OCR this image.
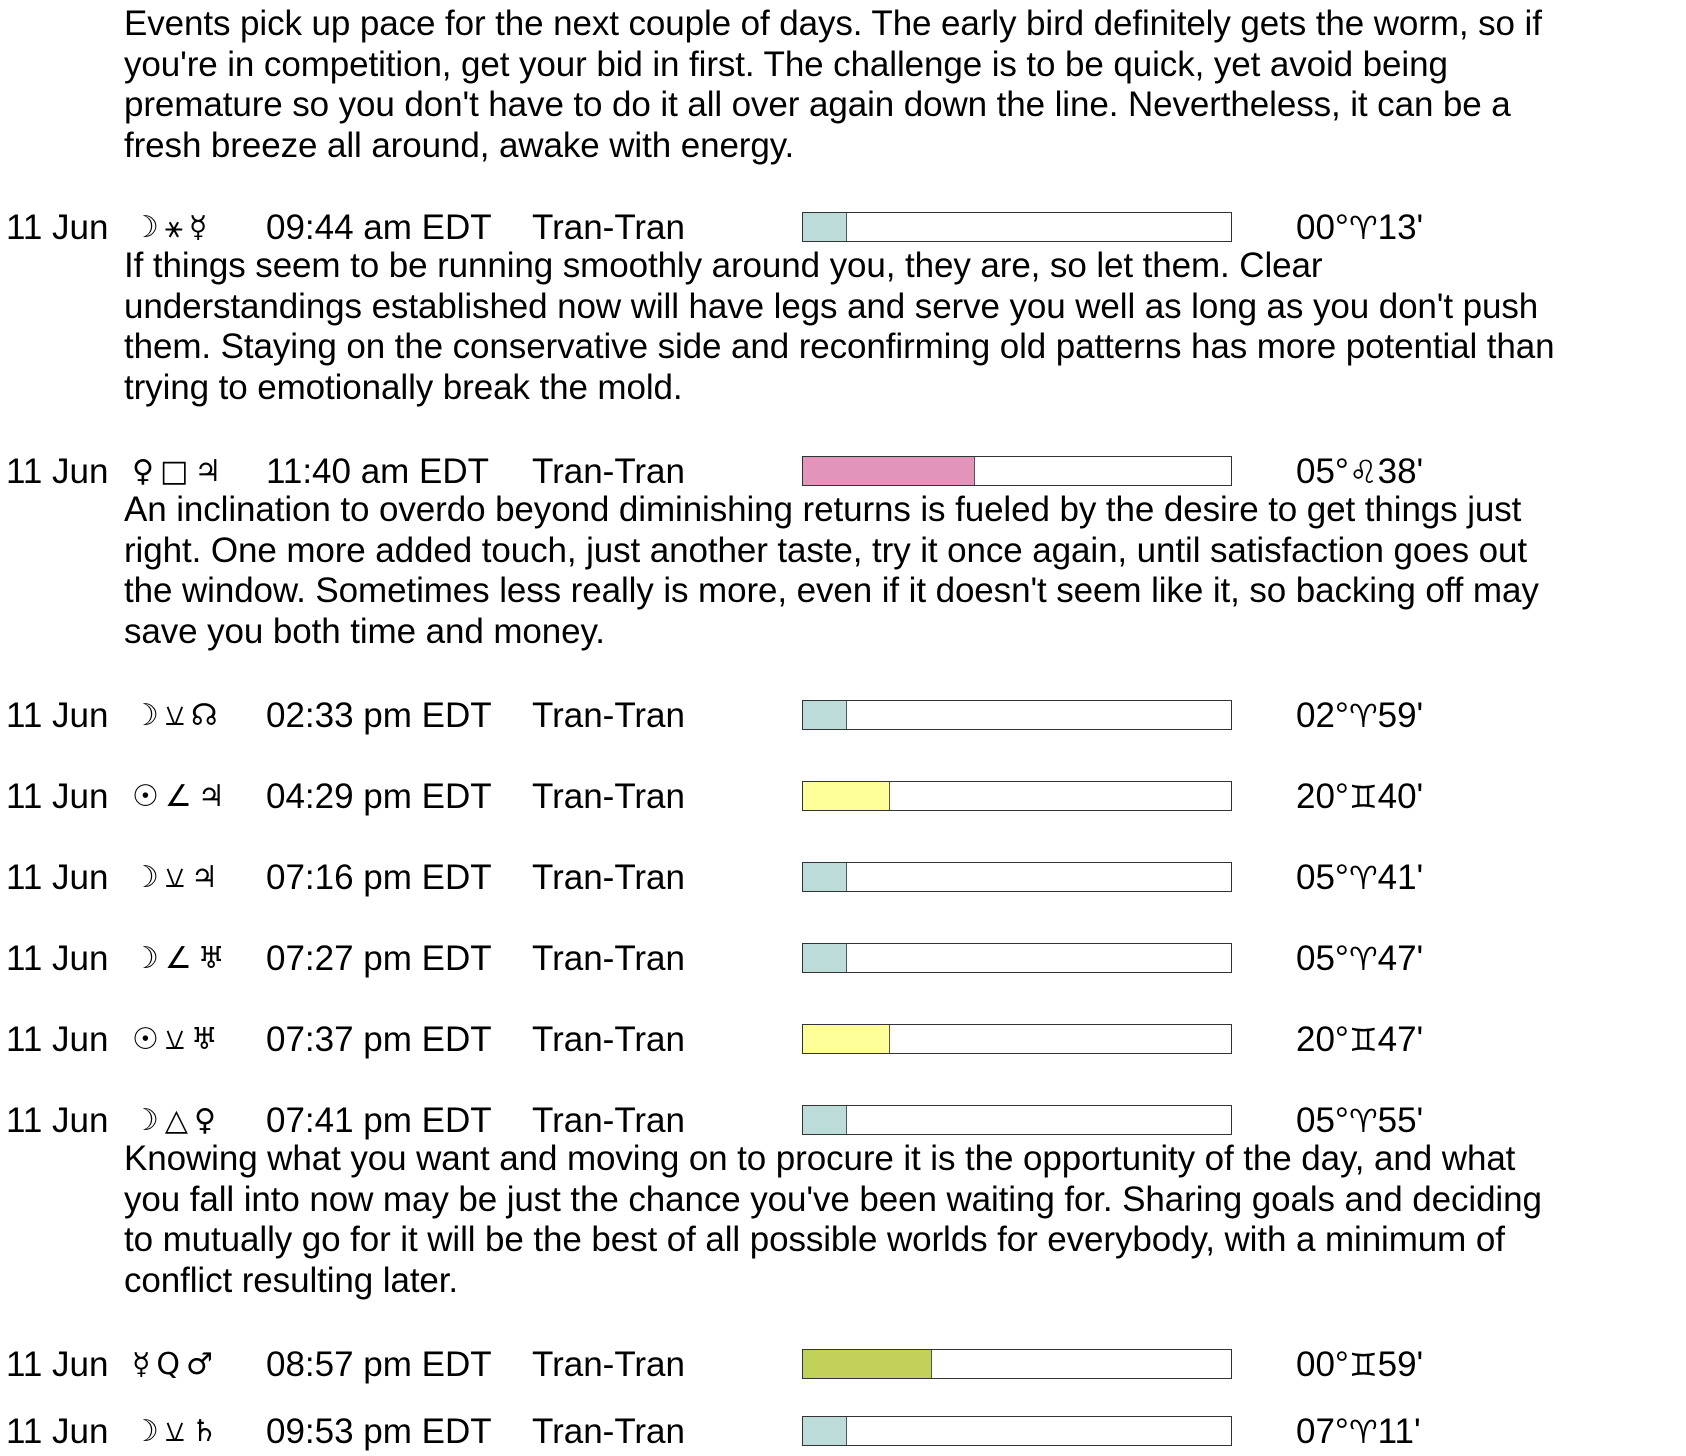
Events pick up pace for the next couple of days. The early bird definitely gets the worm, so if
you're in competition, get your bid in first. The challenge is to be quick, yet avoid being
premature so you don't have to do it all over again down the line. Nevertheless, it can be a
fresh breeze all around, awake with energy.
11 Jun ☽⚹☿	09:44 am EDT Tran-Tran	00°♈13'
If things seem to be running smoothly around you, they are, so let them. Clear
understandings established now will have legs and serve you well as long as you don't push
them. Staying on the conservative side and reconfirming old patterns has more potential than
trying to emotionally break the mold.
11 Jun ♀□♃	11:40 am EDT Tran-Tran	05°♌38'
An inclination to overdo beyond diminishing returns is fueled by the desire to get things just
right. One more added touch, just another taste, try it once again, until satisfaction goes out
the window. Sometimes less really is more, even if it doesn't seem like it, so backing off may
save you both time and money.
11 Jun ☽⚺☊	02:33 pm EDT Tran-Tran	02°♈59'
11 Jun ☉∠♃	04:29 pm EDT Tran-Tran	20°♊40'
11 Jun ☽⚺♃	07:16 pm EDT Tran-Tran	05°♈41'
11 Jun ☽∠♅	07:27 pm EDT Tran-Tran	05°♈47'
11 Jun ☉⚺♅	07:37 pm EDT Tran-Tran	20°♊47'
11 Jun ☽△♀	07:41 pm EDT Tran-Tran	05°♈55'
Knowing what you want and moving on to procure it is the opportunity of the day, and what
you fall into now may be just the chance you've been waiting for. Sharing goals and deciding
to mutually go for it will be the best of all possible worlds for everybody, with a minimum of
conflict resulting later.
11 Jun ☿Q♂	08:57 pm EDT Tran-Tran	00°♊59'
11 Jun ☽⚺♄	09:53 pm EDT Tran-Tran	07°♈11'
